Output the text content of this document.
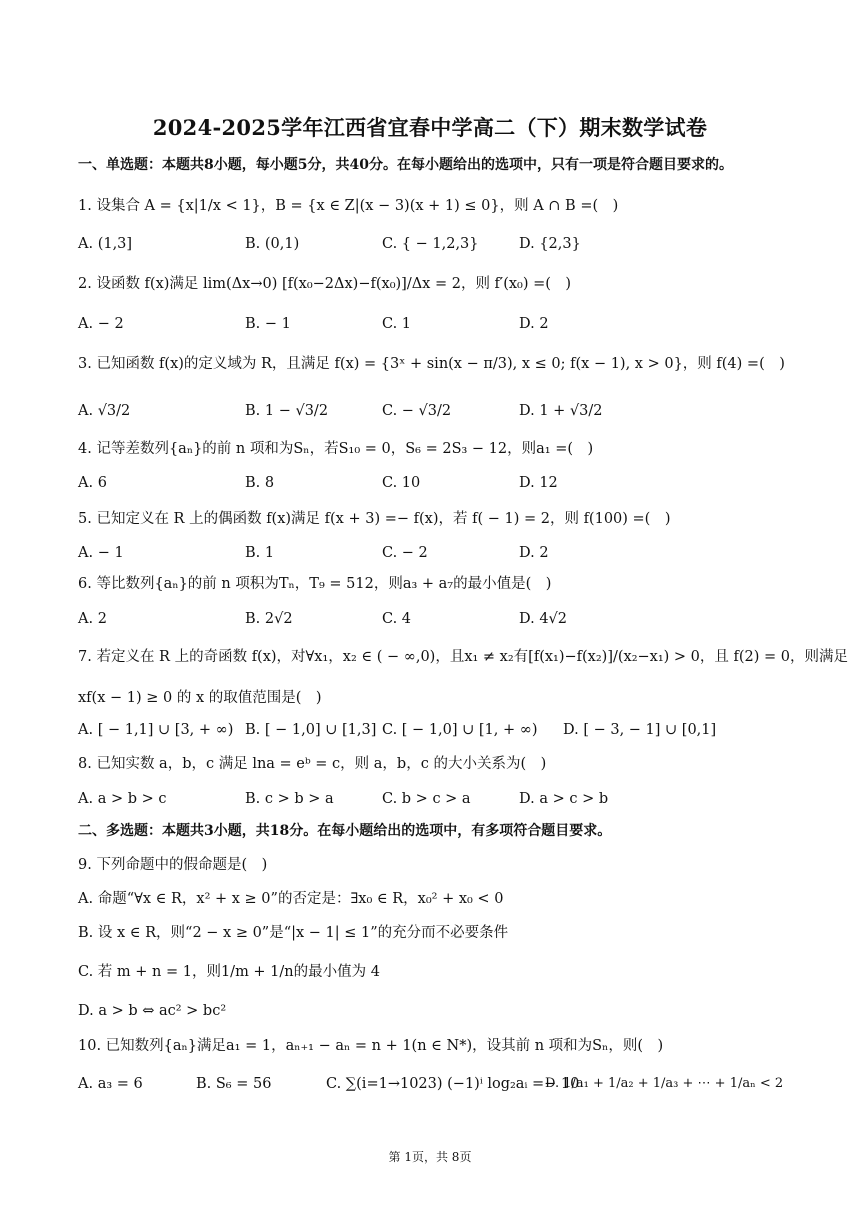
2024-2025学年江西省宜春中学高二（下）期末数学试卷
一、单选题：本题共8小题，每小题5分，共40分。在每小题给出的选项中，只有一项是符合题目要求的。
1. 设集合 A = {x|1/x < 1}，B = {x ∈ Z|(x − 3)(x + 1) ≤ 0}，则 A ∩ B =(　)
A. (1,3]	B. (0,1)	C. { − 1,2,3}	D. {2,3}
2. 设函数 f(x)满足 lim(Δx→0) [f(x₀−2Δx)−f(x₀)]/Δx = 2，则 f′(x₀) =(　)
A. − 2	B. − 1	C. 1	D. 2
3. 已知函数 f(x)的定义域为 R，且满足 f(x) = {3ˣ + sin(x − π/3), x ≤ 0; f(x − 1), x > 0}，则 f(4) =(　)
A. √3/2	B. 1 − √3/2	C. − √3/2	D. 1 + √3/2
4. 记等差数列{aₙ}的前 n 项和为Sₙ，若S₁₀ = 0，S₆ = 2S₃ − 12，则a₁ =(　)
A. 6	B. 8	C. 10	D. 12
5. 已知定义在 R 上的偶函数 f(x)满足 f(x + 3) =− f(x)，若 f( − 1) = 2，则 f(100) =(　)
A. − 1	B. 1	C. − 2	D. 2
6. 等比数列{aₙ}的前 n 项积为Tₙ，T₉ = 512，则a₃ + a₇的最小值是(　)
A. 2	B. 2√2	C. 4	D. 4√2
7. 若定义在 R 上的奇函数 f(x)，对∀x₁，x₂ ∈ ( − ∞,0)，且x₁ ≠ x₂有[f(x₁)−f(x₂)]/(x₂−x₁) > 0，且 f(2) = 0，则满足
xf(x − 1) ≥ 0 的 x 的取值范围是(　)
A. [ − 1,1] ∪ [3, + ∞) B. [ − 1,0] ∪ [1,3] C. [ − 1,0] ∪ [1, + ∞) D. [ − 3, − 1] ∪ [0,1]
8. 已知实数 a，b，c 满足 lna = eᵇ = c，则 a，b，c 的大小关系为(　)
A. a > b > c	B. c > b > a	C. b > c > a	D. a > c > b
二、多选题：本题共3小题，共18分。在每小题给出的选项中，有多项符合题目要求。
9. 下列命题中的假命题是(　)
A. 命题“∀x ∈ R，x² + x ≥ 0”的否定是：∃x₀ ∈ R，x₀² + x₀ < 0
B. 设 x ∈ R，则“2 − x ≥ 0”是“|x − 1| ≤ 1”的充分而不必要条件
C. 若 m + n = 1，则1/m + 1/n的最小值为 4
D. a > b ⇔ ac² > bc²
10. 已知数列{aₙ}满足a₁ = 1，aₙ₊₁ − aₙ = n + 1(n ∈ N*)，设其前 n 项和为Sₙ，则(　)
A. a₃ = 6	B. S₆ = 56	C. ∑(i=1→1023) (−1)ⁱ log₂aᵢ =− 10
D. 1/a₁ + 1/a₂ + 1/a₃ + ⋯ + 1/aₙ < 2
第 1页，共 8页
